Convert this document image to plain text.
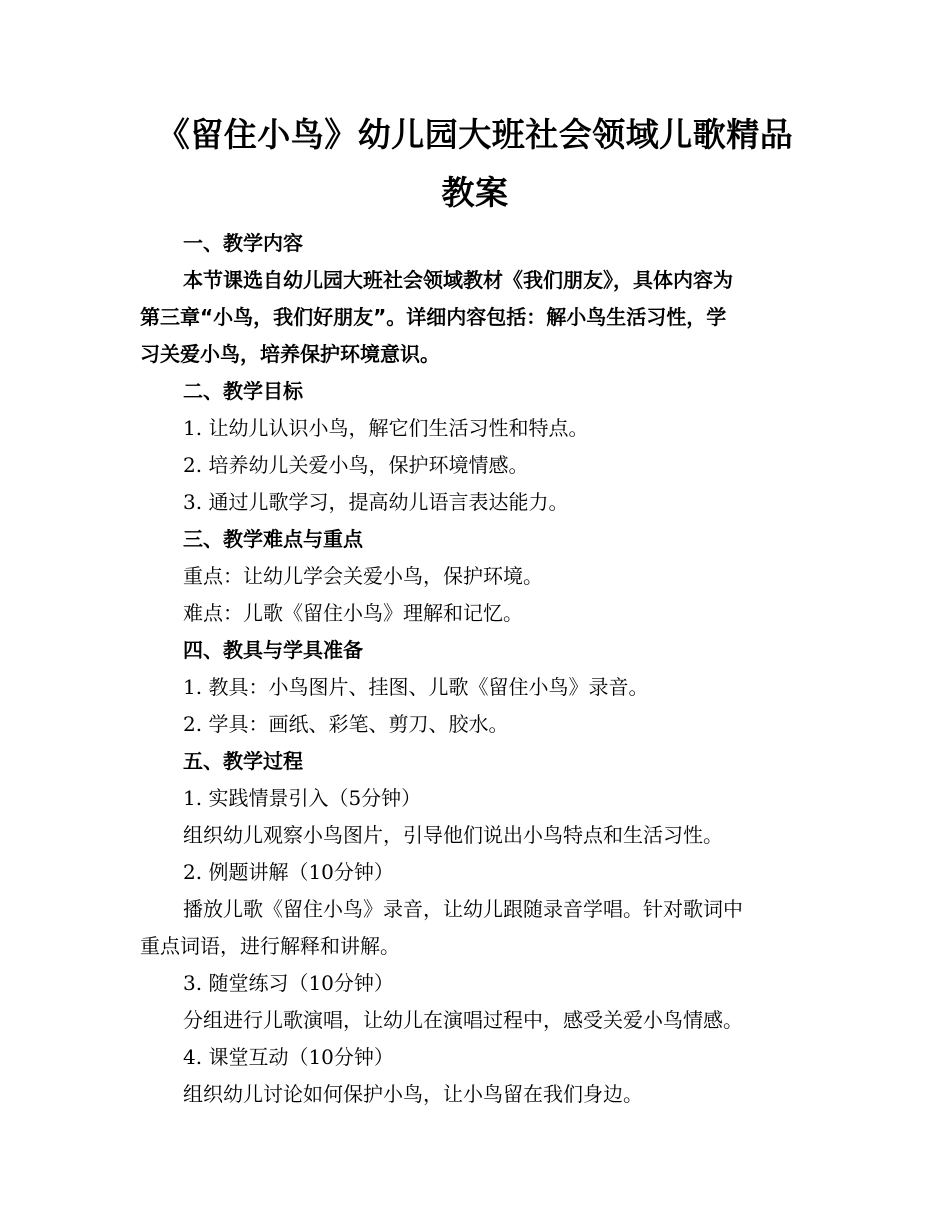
《留住小鸟》幼儿园大班社会领域儿歌精品
教案
一、教学内容
本节课选自幼儿园大班社会领域教材《我们朋友》，具体内容为
第三章“小鸟，我们好朋友”。详细内容包括：解小鸟生活习性，学
习关爱小鸟，培养保护环境意识。
二、教学目标
1. 让幼儿认识小鸟，解它们生活习性和特点。
2. 培养幼儿关爱小鸟，保护环境情感。
3. 通过儿歌学习，提高幼儿语言表达能力。
三、教学难点与重点
重点：让幼儿学会关爱小鸟，保护环境。
难点：儿歌《留住小鸟》理解和记忆。
四、教具与学具准备
1. 教具：小鸟图片、挂图、儿歌《留住小鸟》录音。
2. 学具：画纸、彩笔、剪刀、胶水。
五、教学过程
1. 实践情景引入（5分钟）
组织幼儿观察小鸟图片，引导他们说出小鸟特点和生活习性。
2. 例题讲解（10分钟）
播放儿歌《留住小鸟》录音，让幼儿跟随录音学唱。针对歌词中
重点词语，进行解释和讲解。
3. 随堂练习（10分钟）
分组进行儿歌演唱，让幼儿在演唱过程中，感受关爱小鸟情感。
4. 课堂互动（10分钟）
组织幼儿讨论如何保护小鸟，让小鸟留在我们身边。
